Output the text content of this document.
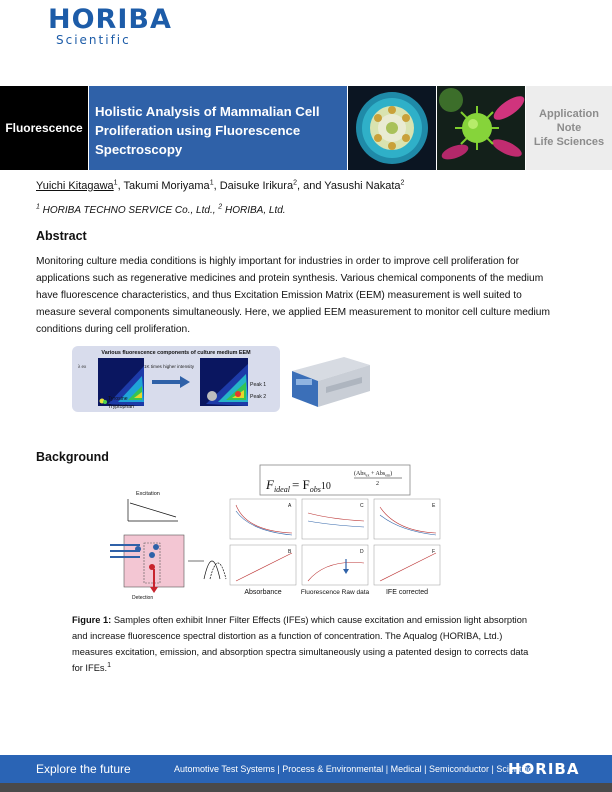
HORIBA
Scientific
Fluorescence
Holistic Analysis of Mammalian Cell Proliferation using Fluorescence Spectroscopy
Application
Note
Life Sciences
Yuichi Kitagawa$^1$, Takumi Moriyama$^1$, Daisuke Irikura$^2$, and Yasushi Nakata$^2$
$^1$ HORIBA TECHNO SERVICE Co., Ltd., $^2$ HORIBA, Ltd.
Abstract
Monitoring culture media conditions is highly important for industries in order to improve cell proliferation for applications such as regenerative medicines and protein synthesis. Various chemical components of the medium have fluorescence characteristics, and thus Excitation Emission Matrix (EEM) measurement is well suited to measure several components simultaneously. Here, we applied EEM measurement to monitor cell culture medium conditions during cell proliferation.
Various fluorescence components of culture medium EEM
λ ex
Tyrosine
Tryptophan
1K times higher intensity
Peak 1
Peak 2
Background
$F_{ideal} = F_{obs}^{10}$
(Abs$_{ex}$ + Abs$_{em}$)
2
Excitation
Detection
A	C	E
B	D	F
Absorbance	Fluorescence Raw data IFE corrected
Figure 1: Samples often exhibit Inner Filter Effects (IFEs) which cause excitation and emission light absorption and increase fluorescence spectral distortion as a function of concentration. The Aqualog (HORIBA, Ltd.) measures excitation, emission, and absorption spectra simultaneously using a patented design to corrects data for IFEs.$^1$
Explore the future	Automotive Test Systems | Process & Environmental | Medical | Semiconductor | Scientific
HORIBA
